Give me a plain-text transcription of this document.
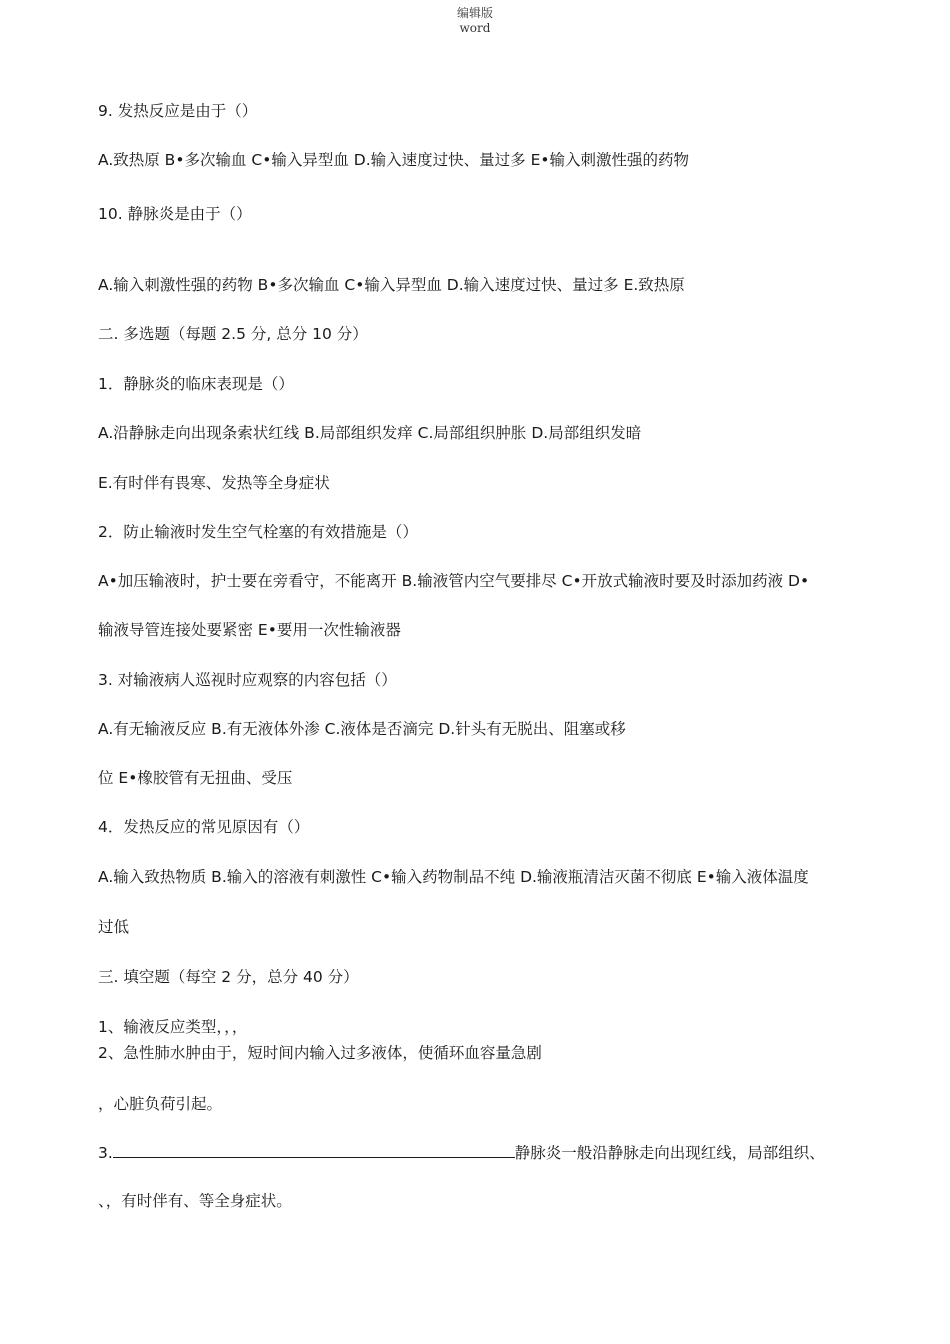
编辑版
word
9. 发热反应是由于（）
A.致热原 B•多次输血 C•输入异型血 D.输入速度过快、量过多 E•输入刺激性强的药物
10. 静脉炎是由于（）
A.输入刺激性强的药物 B•多次输血 C•输入异型血 D.输入速度过快、量过多 E.致热原
二. 多选题（每题 2.5 分, 总分 10 分）
1．静脉炎的临床表现是（）
A.沿静脉走向出现条索状红线 B.局部组织发痒 C.局部组织肿胀 D.局部组织发暗
E.有时伴有畏寒、发热等全身症状
2．防止输液时发生空气栓塞的有效措施是（）
A•加压输液时，护士要在旁看守，不能离开 B.输液管内空气要排尽 C•开放式输液时要及时添加药液 D•
输液导管连接处要紧密 E•要用一次性输液器
3. 对输液病人巡视时应观察的内容包括（）
A.有无输液反应 B.有无液体外渗 C.液体是否滴完 D.针头有无脱出、阻塞或移
位 E•橡胶管有无扭曲、受压
4．发热反应的常见原因有（）
A.输入致热物质 B.输入的溶液有刺激性 C•输入药物制品不纯 D.输液瓶清洁灭菌不彻底 E•输入液体温度
过低
三. 填空题（每空 2 分，总分 40 分）
1、输液反应类型，，，
2、急性肺水肿由于，短时间内输入过多液体，使循环血容量急剧
，心脏负荷引起。
3.	静脉炎一般沿静脉走向出现红线，局部组织、
、，有时伴有、等全身症状。
